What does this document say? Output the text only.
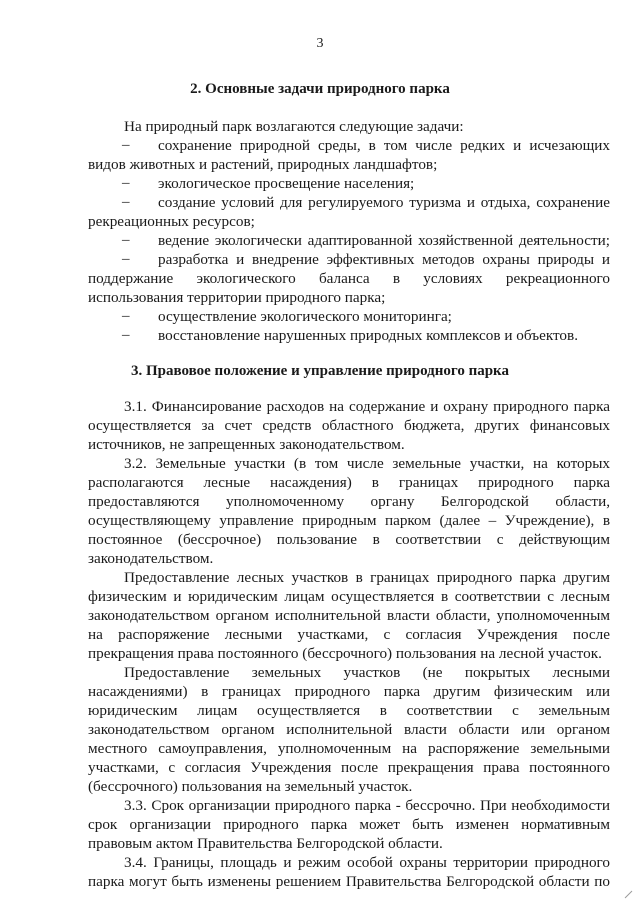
3
2. Основные задачи природного парка
На природный парк возлагаются следующие задачи:
– сохранение природной среды, в том числе редких и исчезающих
видов животных и растений, природных ландшафтов;
– экологическое просвещение населения;
– создание условий для регулируемого туризма и отдыха, сохранение
рекреационных ресурсов;
– ведение экологически адаптированной хозяйственной деятельности;
– разработка и внедрение эффективных методов охраны природы и
поддержание экологического баланса в условиях рекреационного
использования территории природного парка;
– осуществление экологического мониторинга;
– восстановление нарушенных природных комплексов и объектов.
3. Правовое положение и управление природного парка
3.1. Финансирование расходов на содержание и охрану природного парка
осуществляется за счет средств областного бюджета, других финансовых
источников, не запрещенных законодательством.
3.2. Земельные участки (в том числе земельные участки, на которых
располагаются лесные насаждения) в границах природного парка
предоставляются уполномоченному органу Белгородской области,
осуществляющему управление природным парком (далее – Учреждение), в
постоянное (бессрочное) пользование в соответствии с действующим
законодательством.
Предоставление лесных участков в границах природного парка другим
физическим и юридическим лицам осуществляется в соответствии с лесным
законодательством органом исполнительной власти области, уполномоченным
на распоряжение лесными участками, с согласия Учреждения после
прекращения права постоянного (бессрочного) пользования на лесной участок.
Предоставление земельных участков (не покрытых лесными
насаждениями) в границах природного парка другим физическим или
юридическим лицам осуществляется в соответствии с земельным
законодательством органом исполнительной власти области или органом
местного самоуправления, уполномоченным на распоряжение земельными
участками, с согласия Учреждения после прекращения права постоянного
(бессрочного) пользования на земельный участок.
3.3. Срок организации природного парка - бессрочно. При необходимости
срок организации природного парка может быть изменен нормативным
правовым актом Правительства Белгородской области.
3.4. Границы, площадь и режим особой охраны территории природного
парка могут быть изменены решением Правительства Белгородской области по
